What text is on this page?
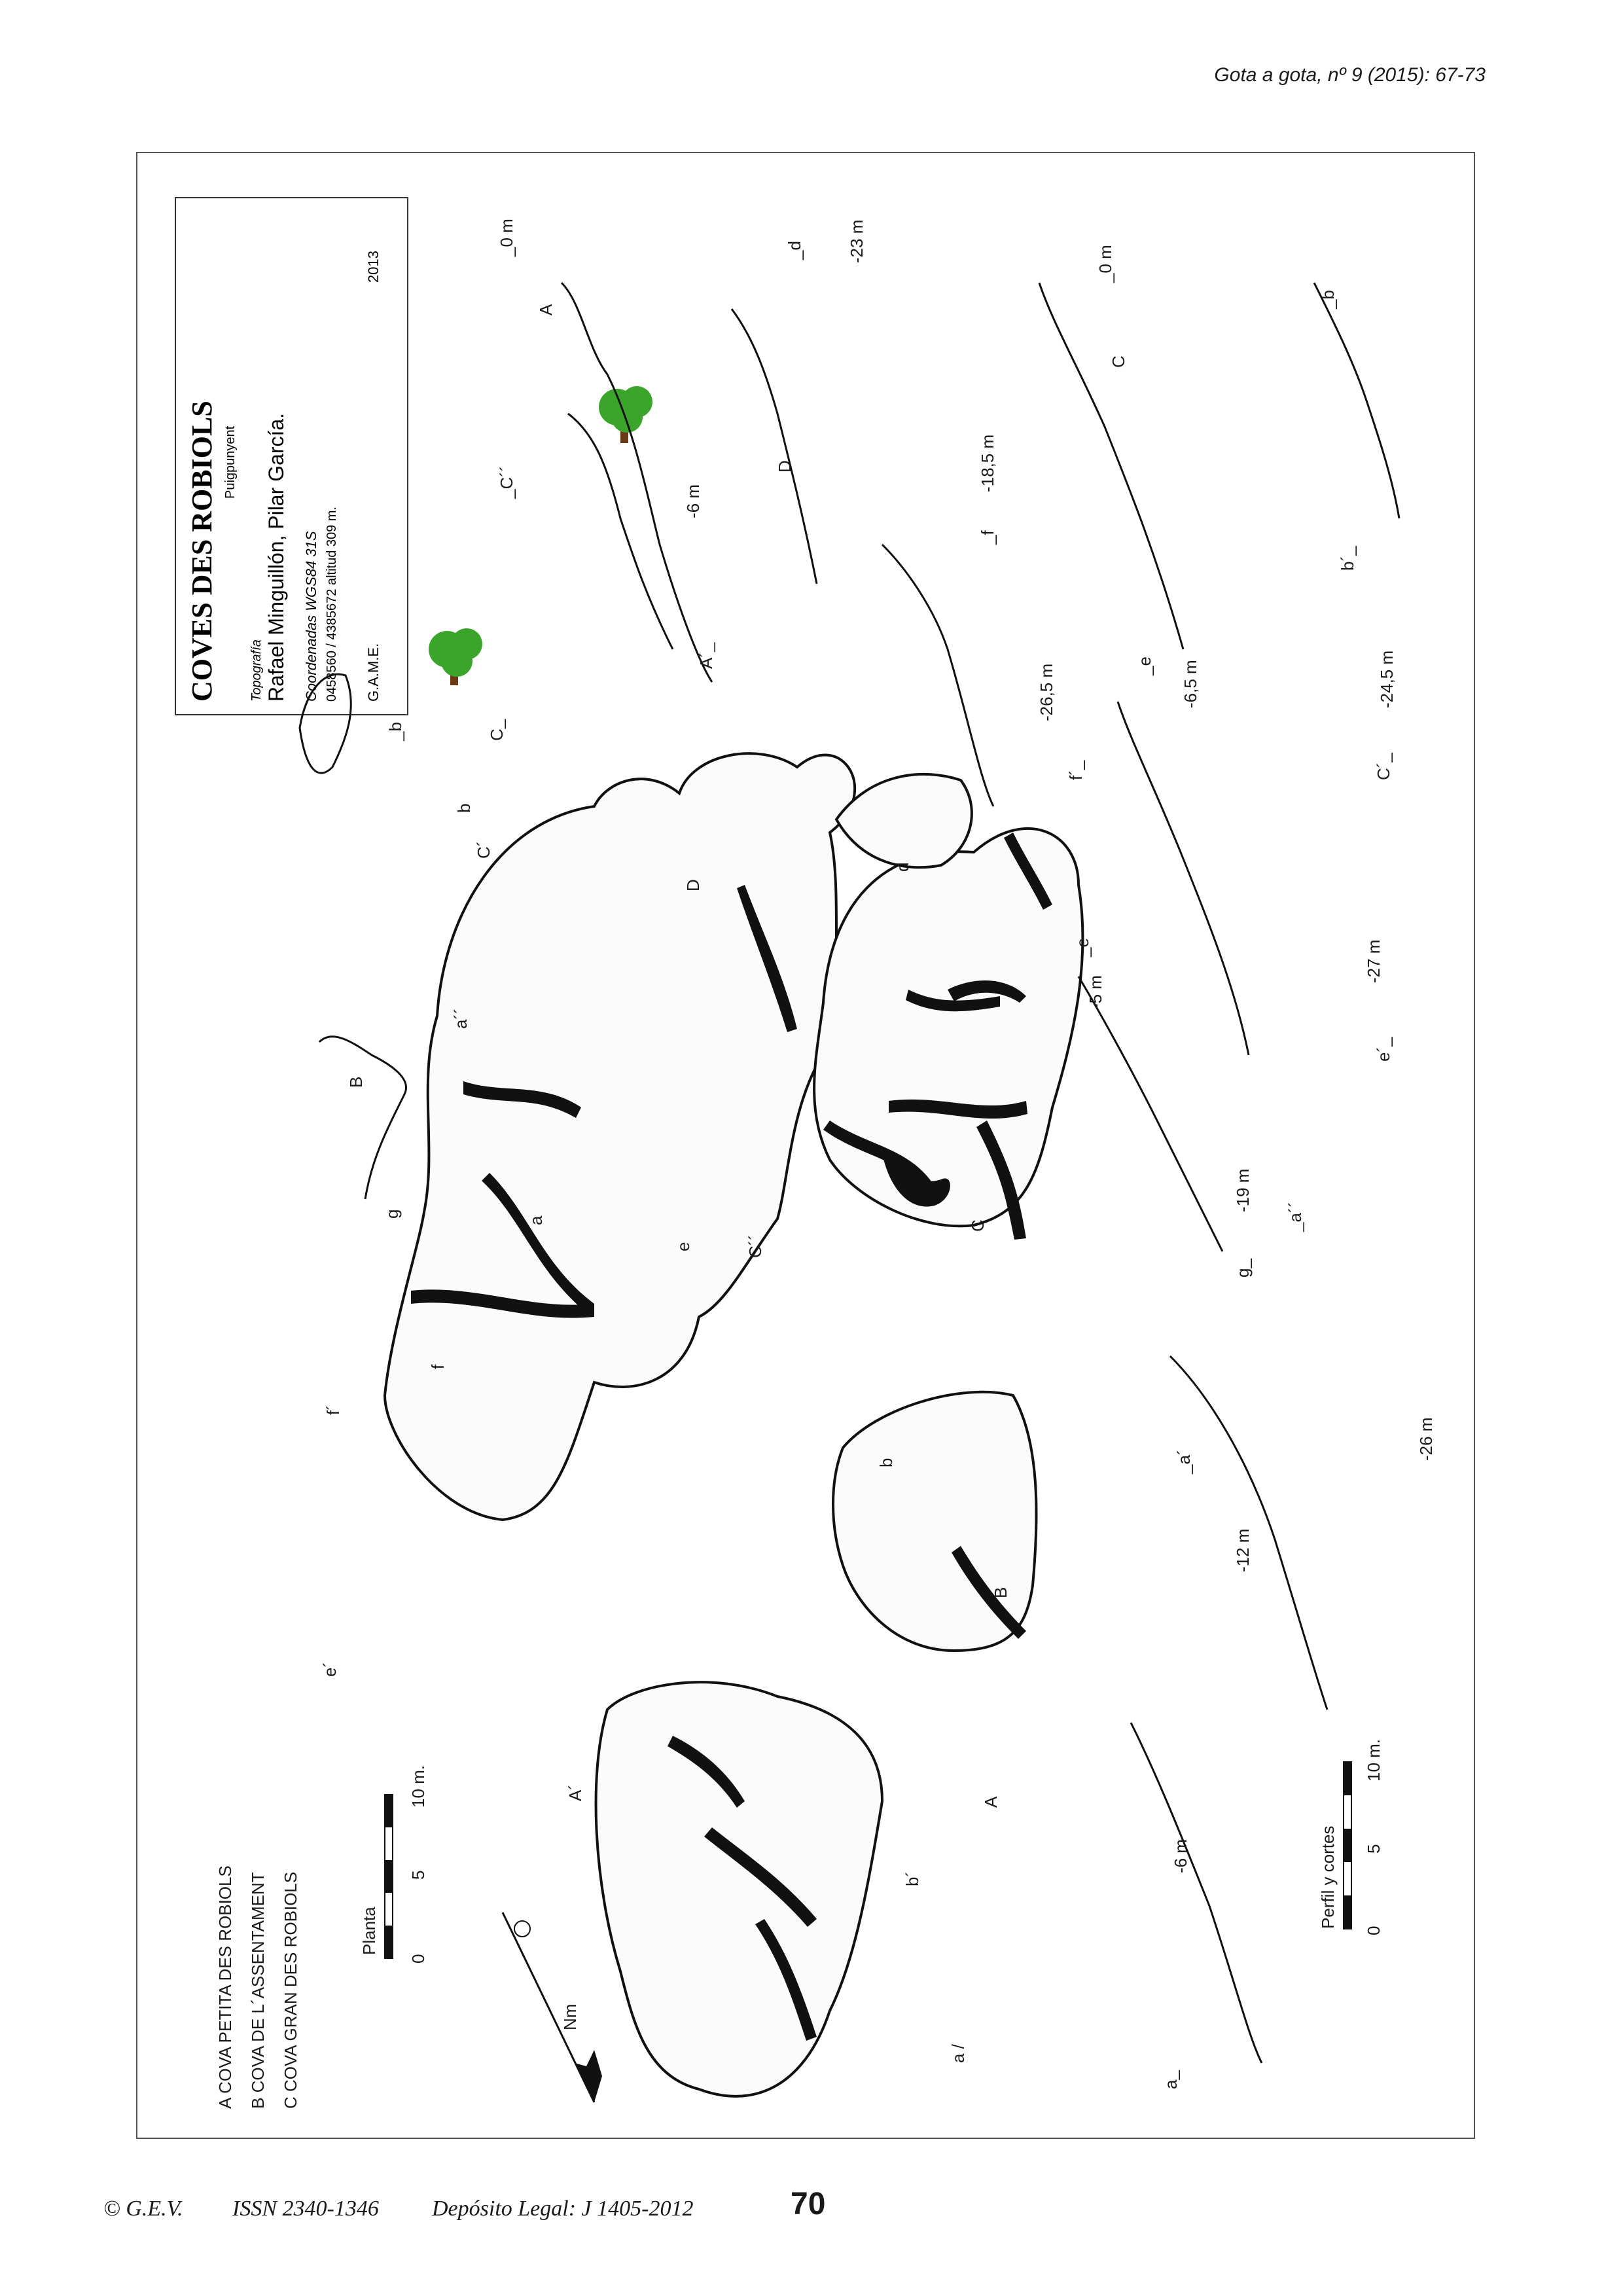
Gota a gota, nº 9 (2015): 67-73
COVES DES ROBIOLS Puigpunyent
Topografía Rafael Minguillón, Pilar García. Coordenadas WGS84 31S 0458560 / 4385672 altitud 309 m. G.A.M.E.
2013
A COVA PETITA DES ROBIOLS B COVA DE L´ASSENTAMENT C COVA GRAN DES ROBIOLS	Planta
0
5
10 m.
Nm
A
A´
B
B
C
C´
C´´
D
a
a /
a´´
b
b
b´
d
e
e´
f
f´
g
A
A´_
_0 m
-6 m
_C´´
C_
_b
D
_d	-23 m
_f
-18,5 m
-26,5 m
f´_
C
_0 m
-6,5 m	-24,5 m
C´_
_e
-27 m
e´_
_b
b´_
_e
-5 m
-19 m
g_
_a´´
-26 m
_a´
-12 m
-6 m
a_
Perfil y cortes
0
5
10 m.
© G.E.V. ISSN 2340-1346 Depósito Legal: J 1405-2012	70
